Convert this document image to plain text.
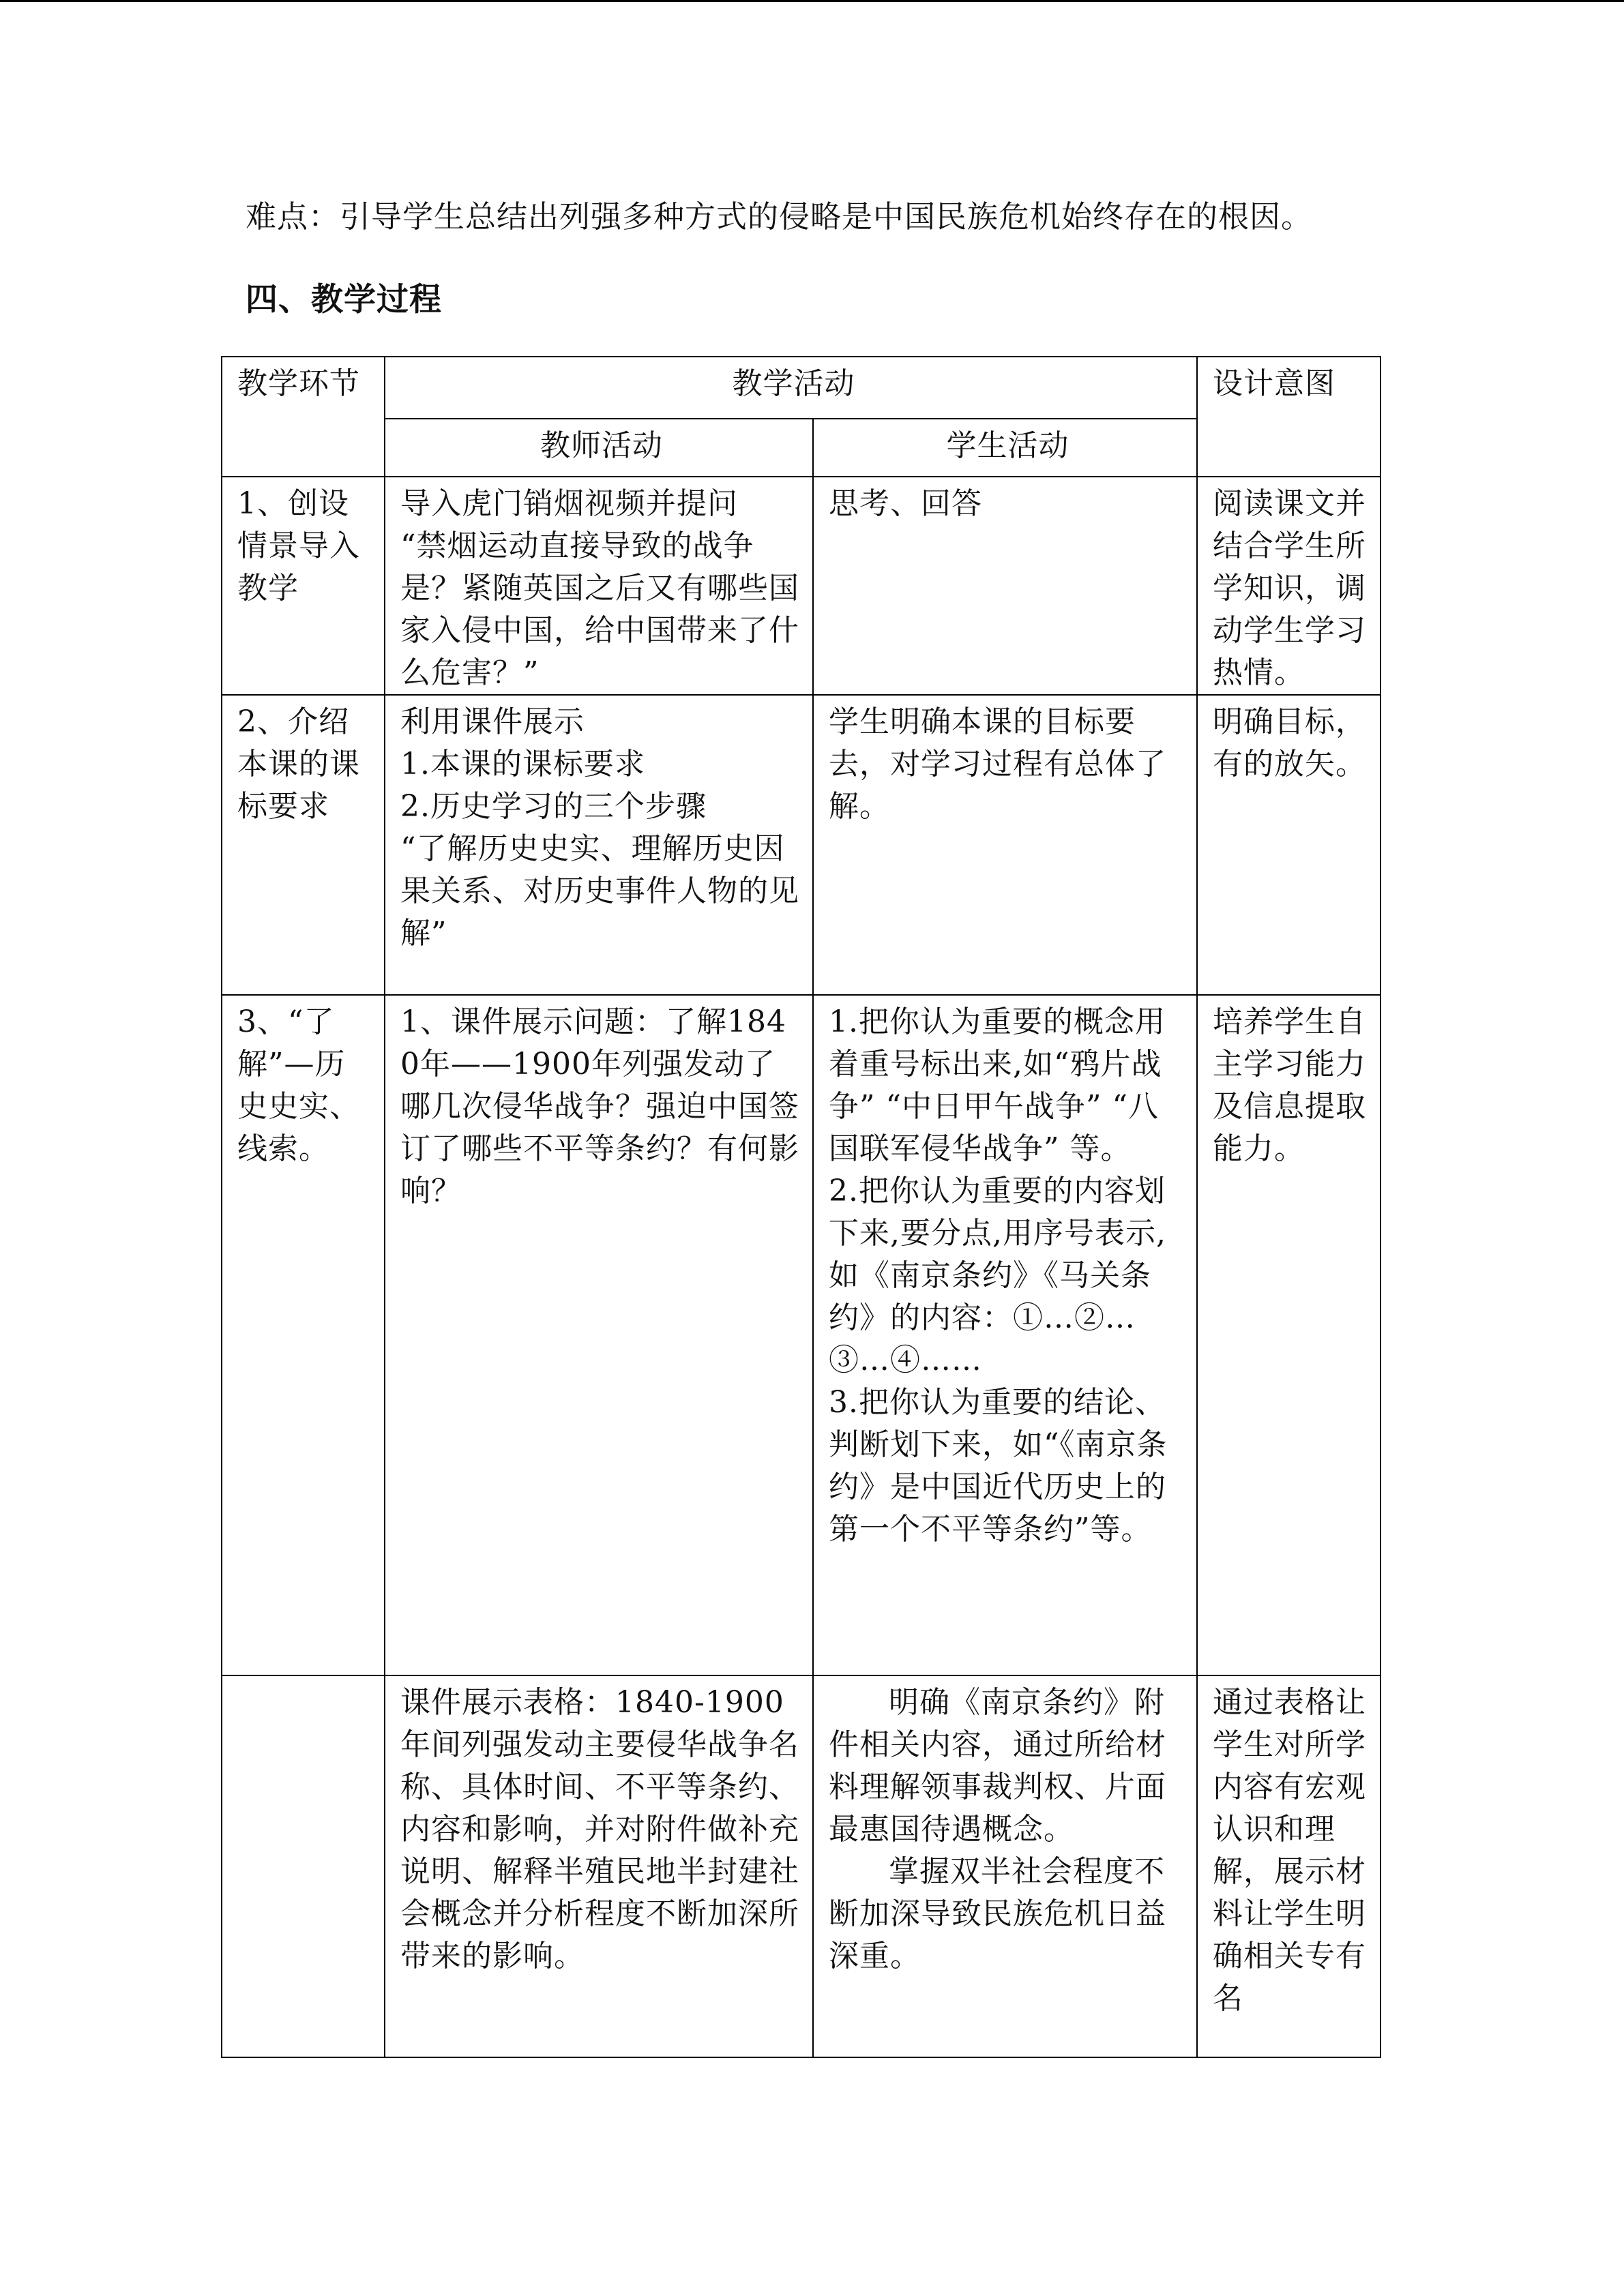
难点：引导学生总结出列强多种方式的侵略是中国民族危机始终存在的根因。
四、教学过程
教学环节	教学活动		设计意图
	教师活动	学生活动	
1、创设情景导入教学	导入虎门销烟视频并提问
“禁烟运动直接导致的战争是？紧随英国之后又有哪些国家入侵中国，给中国带来了什么危害？”	思考、回答	阅读课文并结合学生所学知识，调动学生学习热情。
2、介绍本课的课标要求	利用课件展示
1.本课的课标要求
2.历史学习的三个步骤
“了解历史史实、理解历史因果关系、对历史事件人物的见解”	学生明确本课的目标要去，对学习过程有总体了解。	明确目标，有的放矢。
3、“了解”—历史史实、线索。	1、课件展示问题：了解1840年——1900年列强发动了哪几次侵华战争？强迫中国签订了哪些不平等条约？有何影响？	1.把你认为重要的概念用着重号标出来,如“鸦片战争” “中日甲午战争” “八国联军侵华战争” 等。
2.把你认为重要的内容划下来,要分点,用序号表示,如《南京条约》《马关条约》的内容：①…②…③…④……
3.把你认为重要的结论、判断划下来，如“《南京条约》是中国近代历史上的第一个不平等条约”等。	培养学生自主学习能力及信息提取能力。

	课件展示表格：1840-1900年间列强发动主要侵华战争名称、具体时间、不平等条约、内容和影响，并对附件做补充说明、解释半殖民地半封建社会概念并分析程度不断加深所带来的影响。	明确《南京条约》附件相关内容，通过所给材料理解领事裁判权、片面最惠国待遇概念。
掌握双半社会程度不断加深导致民族危机日益深重。	通过表格让学生对所学内容有宏观认识和理解，展示材料让学生明确相关专有名
